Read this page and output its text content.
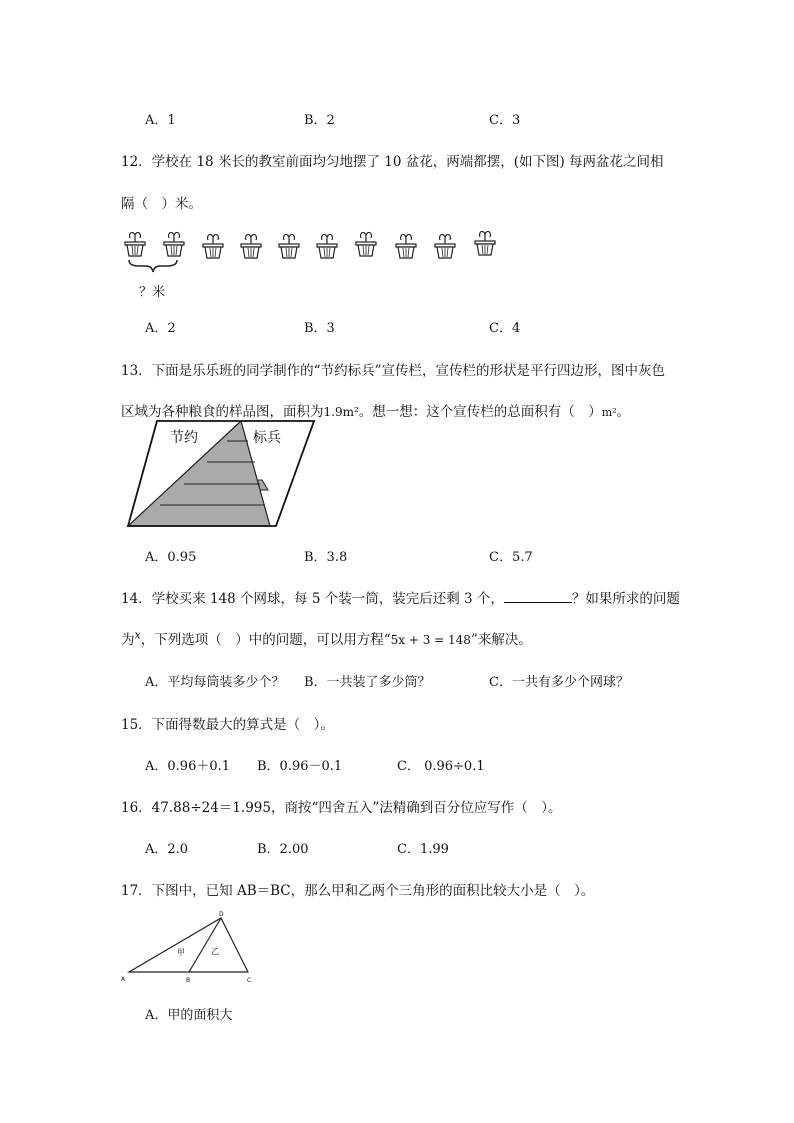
A．1	B．2	C．3
12．学校在 18 米长的教室前面均匀地摆了 10 盆花，两端都摆，(如下图) 每两盆花之间相
隔（　）米。
？米
A．2	B．3	C．4
13．下面是乐乐班的同学制作的“节约标兵”宣传栏，宣传栏的形状是平行四边形，图中灰色
区域为各种粮食的样品图，面积为1.9m²。想一想：这个宣传栏的总面积有（　）m²。
节约	标兵
A．0.95	B．3.8	C．5.7
14．学校买来 148 个网球，每 5 个装一筒，装完后还剩 3 个，	？如果所求的问题
为$^x$，下列选项（　）中的问题，可以用方程“5x + 3 = 148”来解决。
A．平均每筒装多少个？ B．一共装了多少筒？	C．一共有多少个网球？
15．下面得数最大的算式是（　）。
A．0.96＋0.1 B．0.96－0.1	C． 0.96÷0.1
16．47.88÷24＝1.995，商按“四舍五入”法精确到百分位应写作（　）。
A．2.0	B．2.00	C．1.99
17．下图中，已知 AB＝BC，那么甲和乙两个三角形的面积比较大小是（　）。
A	B	C
D
甲	乙
A．甲的面积大
